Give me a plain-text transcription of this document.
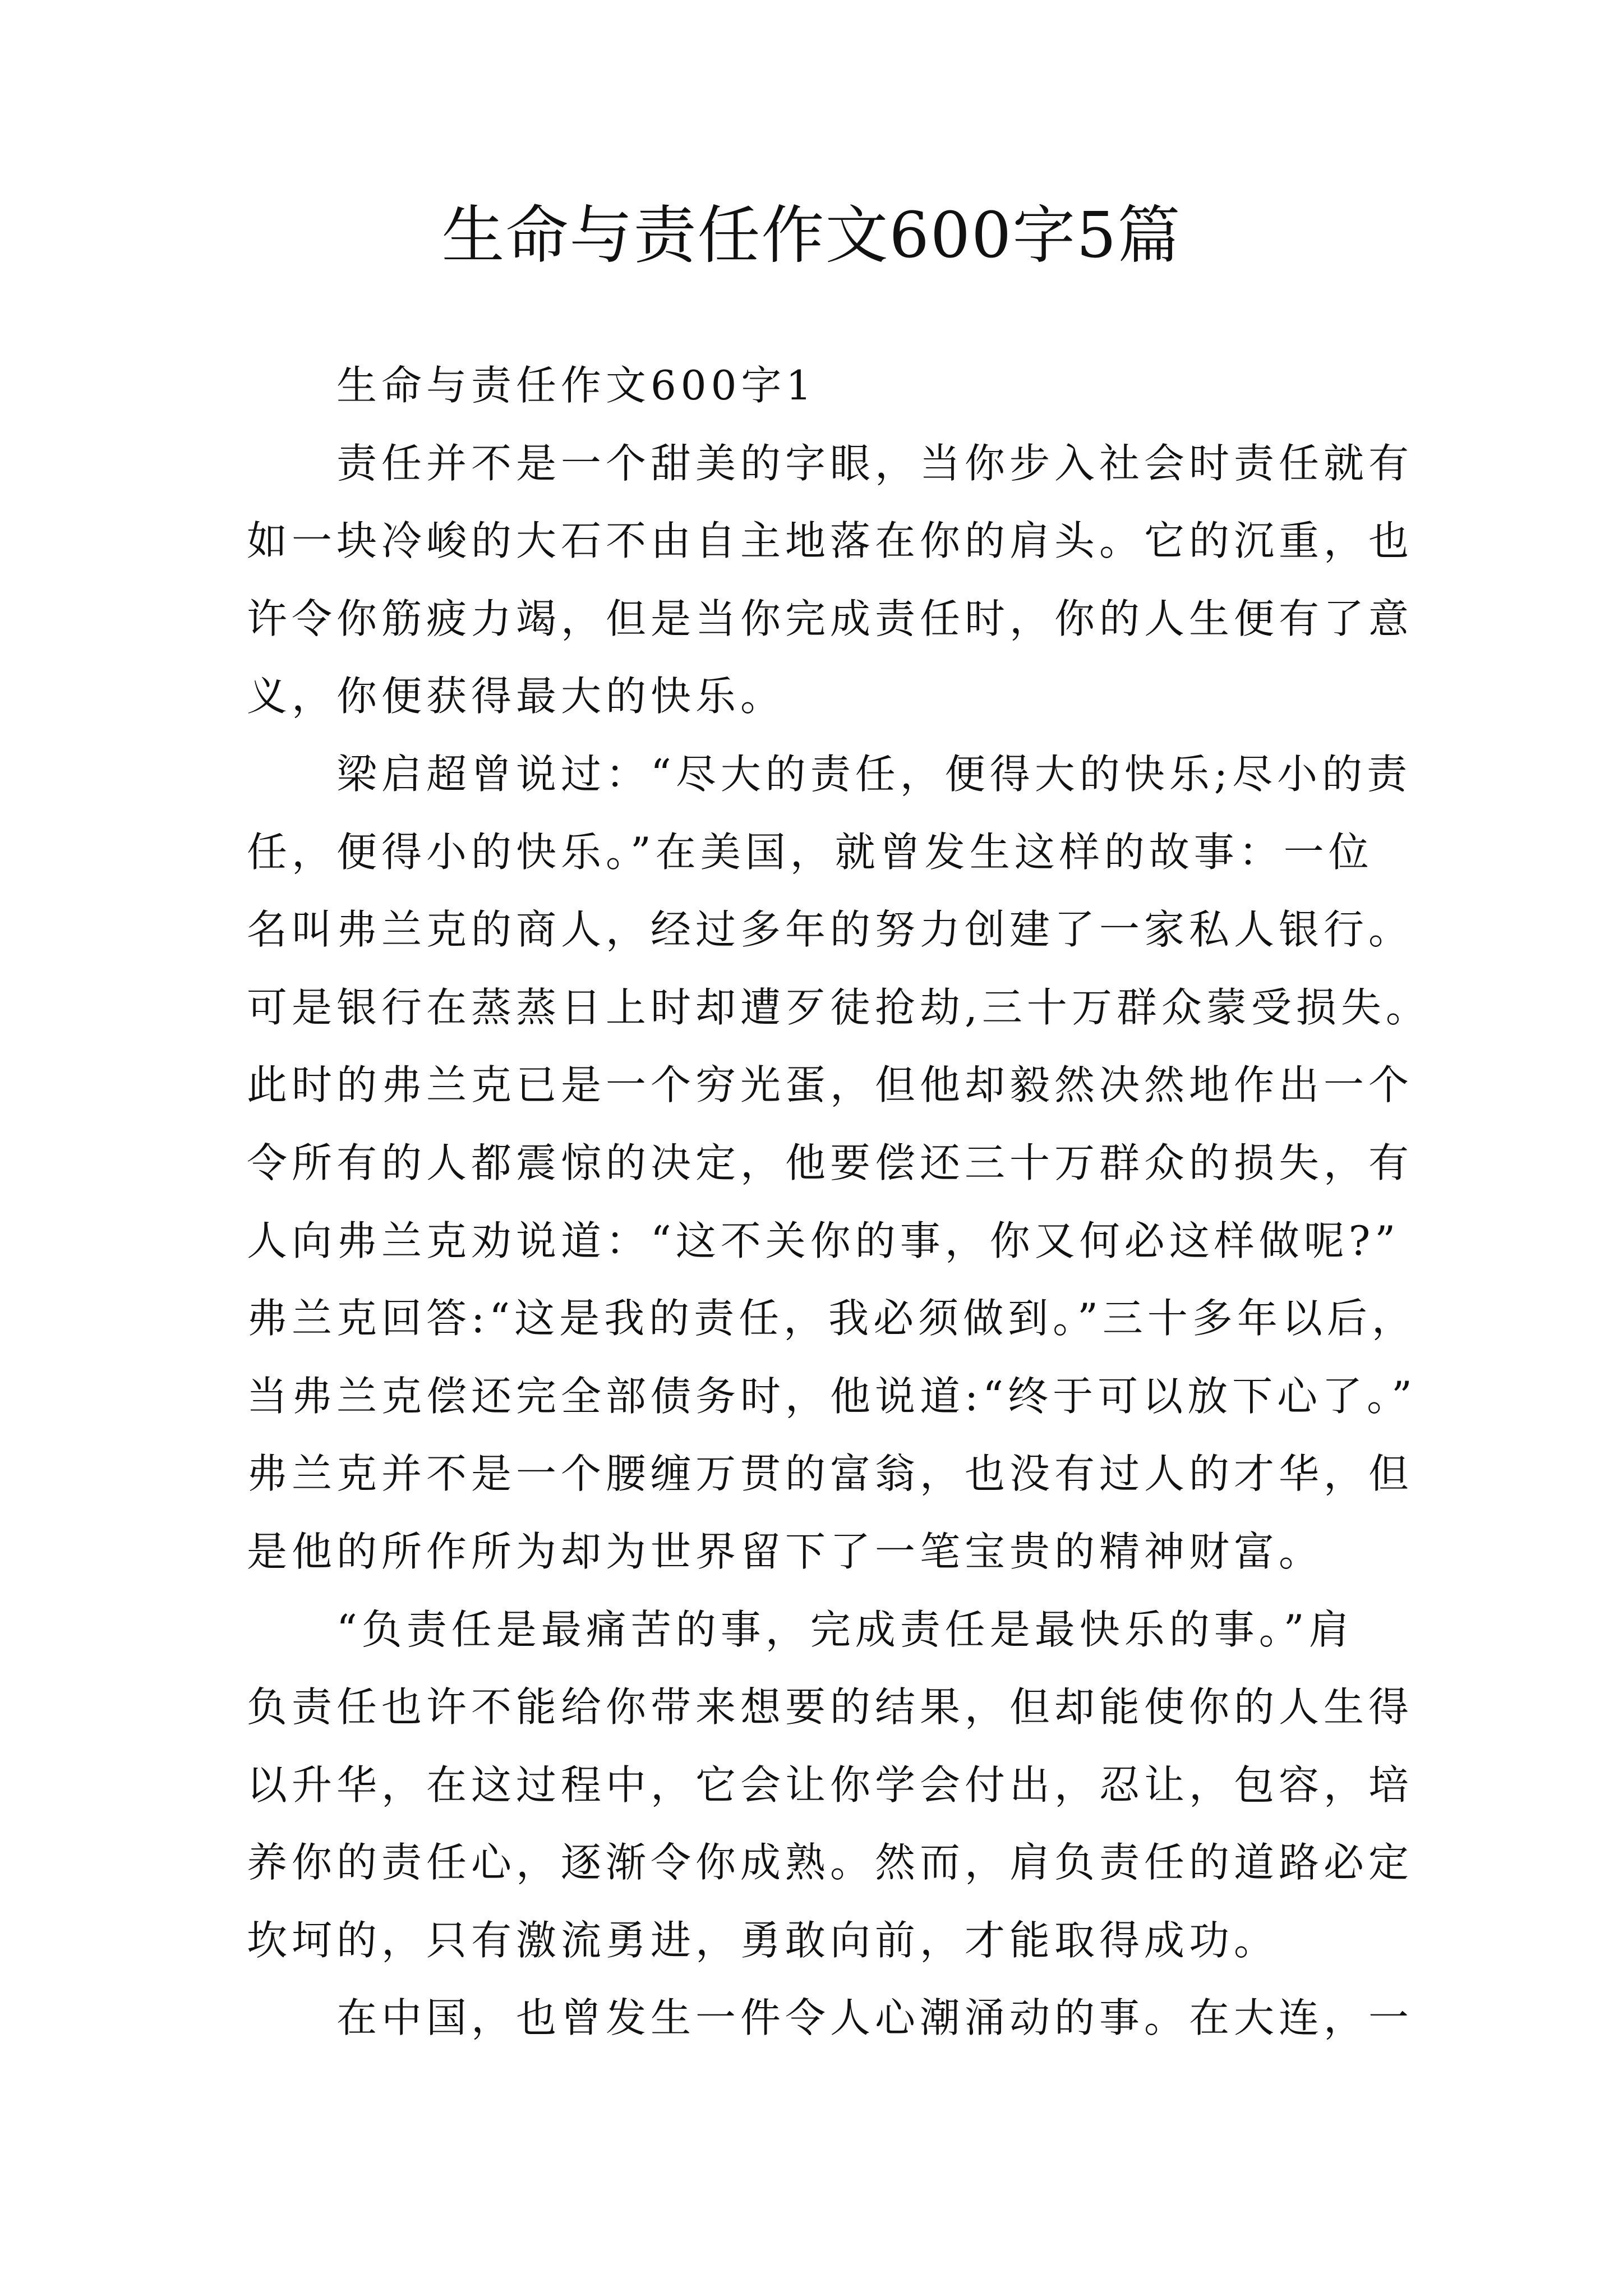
生命与责任作文600字5篇
生命与责任作文600字1
责任并不是一个甜美的字眼，当你步入社会时责任就有
如一块冷峻的大石不由自主地落在你的肩头。它的沉重，也
许令你筋疲力竭，但是当你完成责任时，你的人生便有了意
义，你便获得最大的快乐。
梁启超曾说过：“尽大的责任，便得大的快乐;尽小的责
任，便得小的快乐。”在美国，就曾发生这样的故事：一位
名叫弗兰克的商人，经过多年的努力创建了一家私人银行。
可是银行在蒸蒸日上时却遭歹徒抢劫,三十万群众蒙受损失。
此时的弗兰克已是一个穷光蛋，但他却毅然决然地作出一个
令所有的人都震惊的决定，他要偿还三十万群众的损失，有
人向弗兰克劝说道：“这不关你的事，你又何必这样做呢?”
弗兰克回答:“这是我的责任，我必须做到。”三十多年以后，
当弗兰克偿还完全部债务时，他说道:“终于可以放下心了。”
弗兰克并不是一个腰缠万贯的富翁，也没有过人的才华，但
是他的所作所为却为世界留下了一笔宝贵的精神财富。
“负责任是最痛苦的事，完成责任是最快乐的事。”肩
负责任也许不能给你带来想要的结果，但却能使你的人生得
以升华，在这过程中，它会让你学会付出，忍让，包容，培
养你的责任心，逐渐令你成熟。然而，肩负责任的道路必定
坎坷的，只有激流勇进，勇敢向前，才能取得成功。
在中国，也曾发生一件令人心潮涌动的事。在大连，一
